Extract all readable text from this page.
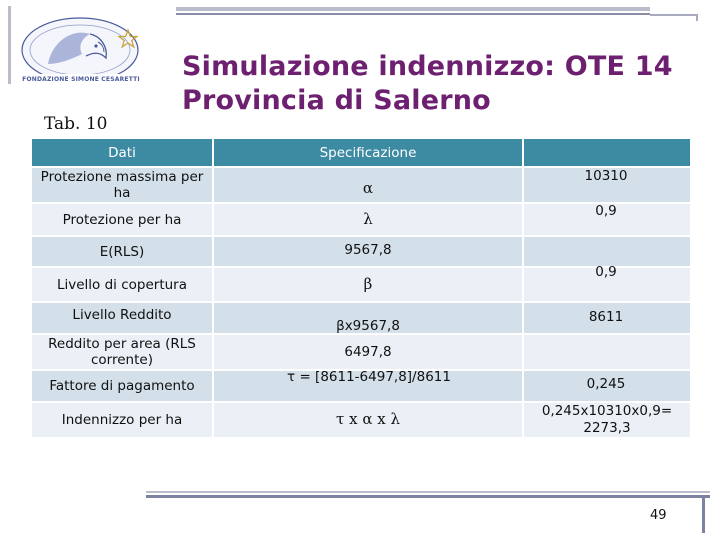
FONDAZIONE SIMONE CESARETTI
Tab. 10
Simulazione indennizzo: OTE 14
Provincia di Salerno
Dati	Specificazione
Protezione massima per ha
Protezione per ha
E(RLS)
Livello di copertura
Livello Reddito
Reddito per area (RLS corrente)
Fattore di pagamento
Indennizzo per ha
α
λ
9567,8
β
βx9567,8
6497,8
τ = [8611-6497,8]/8611
τ x α x λ
10310
0,9
0,9
8611
0,245
0,245x10310x0,9= 2273,3
49
